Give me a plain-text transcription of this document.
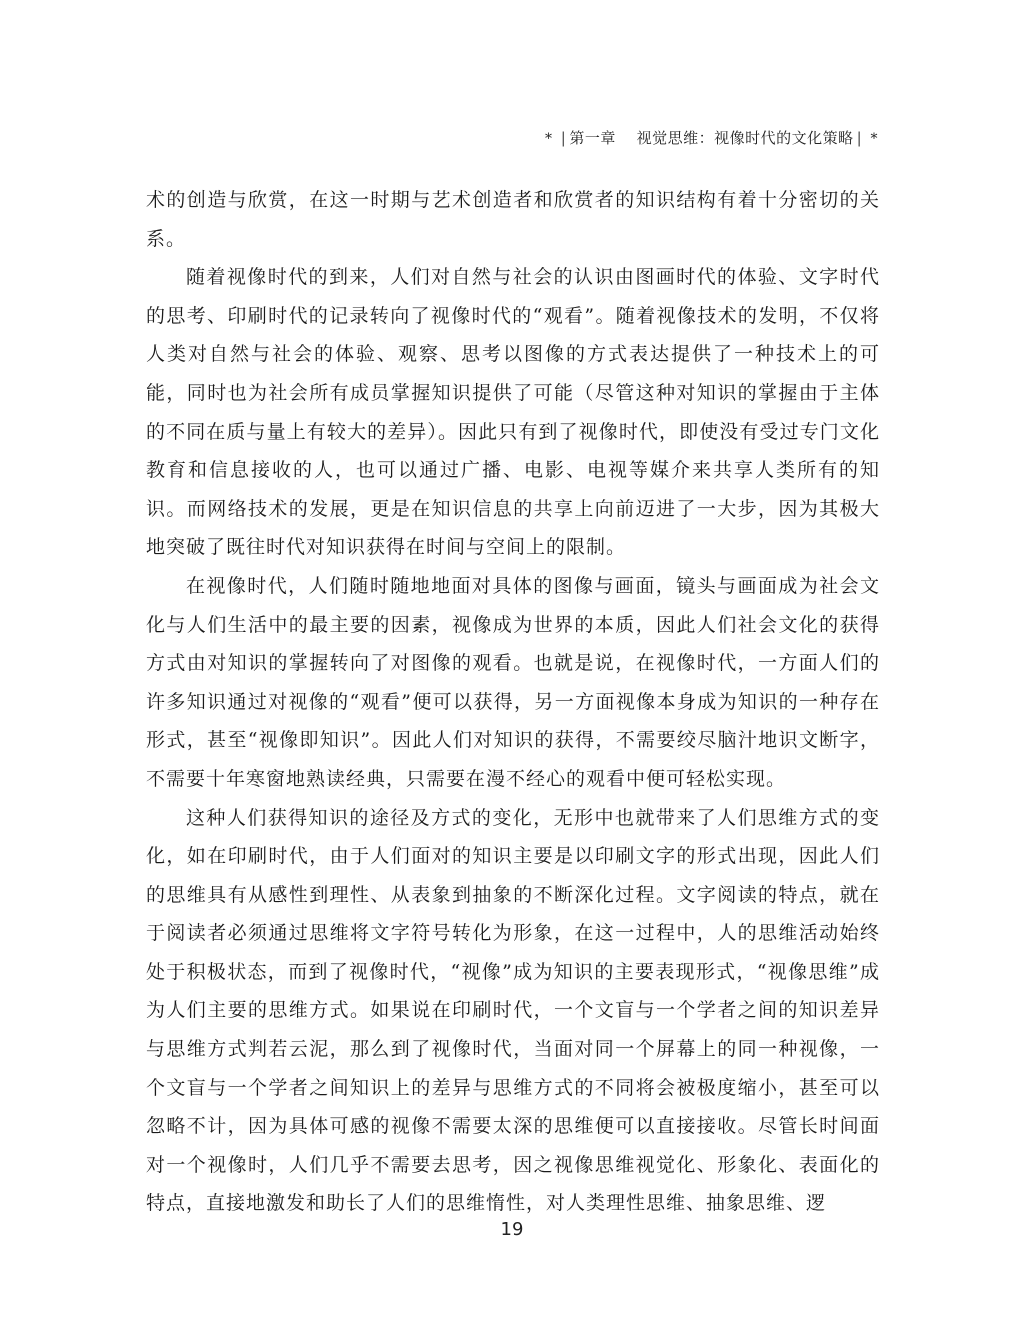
* | 第一章 　 视觉思维：视像时代的文化策略 | *

术的创造与欣赏，在这一时期与艺术创造者和欣赏者的知识结构有着十分密切的关系。

随着视像时代的到来，人们对自然与社会的认识由图画时代的体验、文字时代的思考、印刷时代的记录转向了视像时代的“观看”。随着视像技术的发明，不仅将人类对自然与社会的体验、观察、思考以图像的方式表达提供了一种技术上的可能，同时也为社会所有成员掌握知识提供了可能（尽管这种对知识的掌握由于主体的不同在质与量上有较大的差异）。因此只有到了视像时代，即使没有受过专门文化教育和信息接收的人，也可以通过广播、电影、电视等媒介来共享人类所有的知识。而网络技术的发展，更是在知识信息的共享上向前迈进了一大步，因为其极大地突破了既往时代对知识获得在时间与空间上的限制。

在视像时代，人们随时随地地面对具体的图像与画面，镜头与画面成为社会文化与人们生活中的最主要的因素，视像成为世界的本质，因此人们社会文化的获得方式由对知识的掌握转向了对图像的观看。也就是说，在视像时代，一方面人们的许多知识通过对视像的“观看”便可以获得，另一方面视像本身成为知识的一种存在形式，甚至“视像即知识”。因此人们对知识的获得，不需要绞尽脑汁地识文断字，不需要十年寒窗地熟读经典，只需要在漫不经心的观看中便可轻松实现。

这种人们获得知识的途径及方式的变化，无形中也就带来了人们思维方式的变化，如在印刷时代，由于人们面对的知识主要是以印刷文字的形式出现，因此人们的思维具有从感性到理性、从表象到抽象的不断深化过程。文字阅读的特点，就在于阅读者必须通过思维将文字符号转化为形象，在这一过程中，人的思维活动始终处于积极状态，而到了视像时代，“视像”成为知识的主要表现形式，“视像思维”成为人们主要的思维方式。如果说在印刷时代，一个文盲与一个学者之间的知识差异与思维方式判若云泥，那么到了视像时代，当面对同一个屏幕上的同一种视像，一个文盲与一个学者之间知识上的差异与思维方式的不同将会被极度缩小，甚至可以忽略不计，因为具体可感的视像不需要太深的思维便可以直接接收。尽管长时间面对一个视像时，人们几乎不需要去思考，因之视像思维视觉化、形象化、表面化的特点，直接地激发和助长了人们的思维惰性，对人类理性思维、抽象思维、逻

19
